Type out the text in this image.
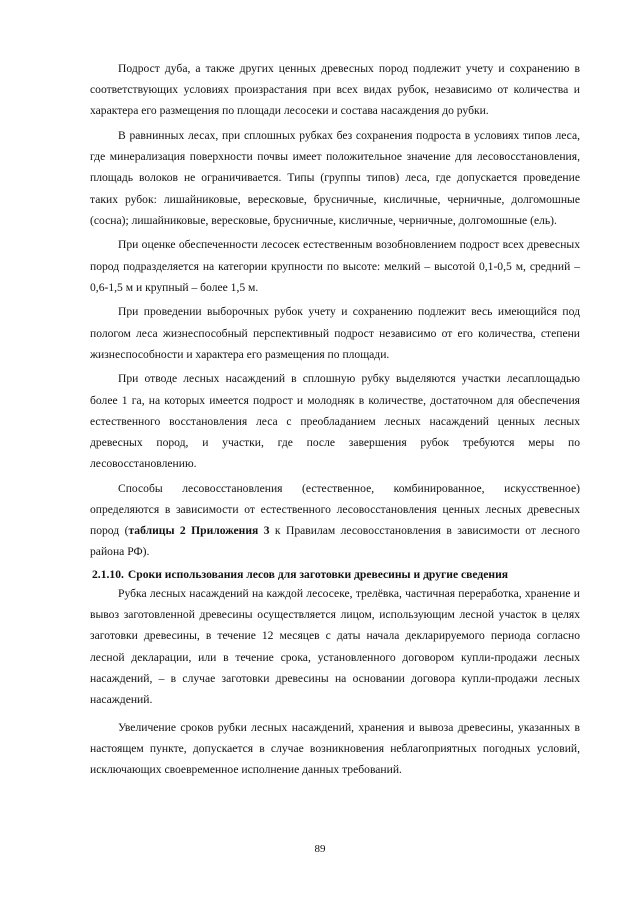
Подрост дуба, а также других ценных древесных пород подлежит учету и сохранению в соответствующих условиях произрастания при всех видах рубок, независимо от количества и характера его размещения по площади лесосеки и состава насаждения до рубки.

В равнинных лесах, при сплошных рубках без сохранения подроста в условиях типов леса, где минерализация поверхности почвы имеет положительное значение для лесовосстановления, площадь волоков не ограничивается. Типы (группы типов) леса, где допускается проведение таких рубок: лишайниковые, вересковые, брусничные, кисличные, черничные, долгомошные (сосна); лишайниковые, вересковые, брусничные, кисличные, черничные, долгомошные (ель).

При оценке обеспеченности лесосек естественным возобновлением подрост всех древесных пород подразделяется на категории крупности по высоте: мелкий – высотой 0,1-0,5 м, средний – 0,6-1,5 м и крупный – более 1,5 м.

При проведении выборочных рубок учету и сохранению подлежит весь имеющийся под пологом леса жизнеспособный перспективный подрост независимо от его количества, степени жизнеспособности и характера его размещения по площади.

При отводе лесных насаждений в сплошную рубку выделяются участки лесаплощадью более 1 га, на которых имеется подрост и молодняк в количестве, достаточном для обеспечения естественного восстановления леса с преобладанием лесных насаждений ценных лесных древесных пород, и участки, где после завершения рубок требуются меры по лесовосстановлению.

Способы лесовосстановления (естественное, комбинированное, искусственное) определяются в зависимости от естественного лесовосстановления ценных лесных древесных пород (таблицы 2 Приложения 3 к Правилам лесовосстановления в зависимости от лесного района РФ).

2.1.10. Сроки использования лесов для заготовки древесины и другие сведения

Рубка лесных насаждений на каждой лесосеке, трелёвка, частичная переработка, хранение и вывоз заготовленной древесины осуществляется лицом, использующим лесной участок в целях заготовки древесины, в течение 12 месяцев с даты начала декларируемого периода согласно лесной декларации, или в течение срока, установленного договором купли-продажи лесных насаждений, – в случае заготовки древесины на основании договора купли-продажи лесных насаждений.

Увеличение сроков рубки лесных насаждений, хранения и вывоза древесины, указанных в настоящем пункте, допускается в случае возникновения неблагоприятных погодных условий, исключающих своевременное исполнение данных требований.

89
